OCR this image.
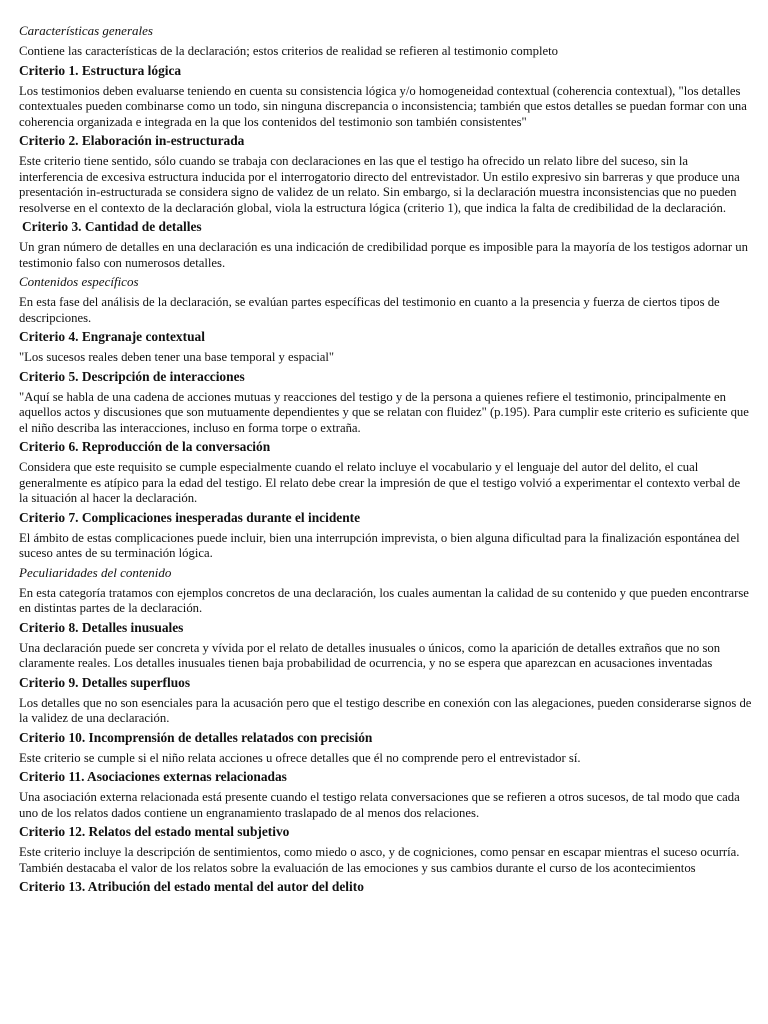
Características generales

Contiene las características de la declaración; estos criterios de realidad se refieren al testimonio completo

Criterio 1. Estructura lógica

Los testimonios deben evaluarse teniendo en cuenta su consistencia lógica y/o homogeneidad contextual (coherencia contextual), "los detalles contextuales pueden combinarse como un todo, sin ninguna discrepancia o inconsistencia; también que estos detalles se puedan formar con una coherencia organizada e integrada en la que los contenidos del testimonio son también consistentes"

Criterio 2. Elaboración in-estructurada

Este criterio tiene sentido, sólo cuando se trabaja con declaraciones en las que el testigo ha ofrecido un relato libre del suceso, sin la interferencia de excesiva estructura inducida por el interrogatorio directo del entrevistador. Un estilo expresivo sin barreras y que produce una presentación in-estructurada se considera signo de validez de un relato. Sin embargo, si la declaración muestra inconsistencias que no pueden resolverse en el contexto de la declaración global, viola la estructura lógica (criterio 1), que indica la falta de credibilidad de la declaración.

Criterio 3. Cantidad de detalles

Un gran número de detalles en una declaración es una indicación de credibilidad porque es imposible para la mayoría de los testigos adornar un testimonio falso con numerosos detalles.

Contenidos específicos

En esta fase del análisis de la declaración, se evalúan partes específicas del testimonio en cuanto a la presencia y fuerza de ciertos tipos de descripciones.

Criterio 4. Engranaje contextual

"Los sucesos reales deben tener una base temporal y espacial"

Criterio 5. Descripción de interacciones

"Aquí se habla de una cadena de acciones mutuas y reacciones del testigo y de la persona a quienes refiere el testimonio, principalmente en aquellos actos y discusiones que son mutuamente dependientes y que se relatan con fluidez" (p.195). Para cumplir este criterio es suficiente que el niño describa las interacciones, incluso en forma torpe o extraña.

Criterio 6. Reproducción de la conversación

Considera que este requisito se cumple especialmente cuando el relato incluye el vocabulario y el lenguaje del autor del delito, el cual generalmente es atípico para la edad del testigo. El relato debe crear la impresión de que el testigo volvió a experimentar el contexto verbal de la situación al hacer la declaración.

Criterio 7. Complicaciones inesperadas durante el incidente

El ámbito de estas complicaciones puede incluir, bien una interrupción imprevista, o bien alguna dificultad para la finalización espontánea del suceso antes de su terminación lógica.

Peculiaridades del contenido

En esta categoría tratamos con ejemplos concretos de una declaración, los cuales aumentan la calidad de su contenido y que pueden encontrarse en distintas partes de la declaración.

Criterio 8. Detalles inusuales

Una declaración puede ser concreta y vívida por el relato de detalles inusuales o únicos, como la aparición de detalles extraños que no son claramente reales. Los detalles inusuales tienen baja probabilidad de ocurrencia, y no se espera que aparezcan en acusaciones inventadas

Criterio 9. Detalles superfluos

Los detalles que no son esenciales para la acusación pero que el testigo describe en conexión con las alegaciones, pueden considerarse signos de la validez de una declaración.

Criterio 10. Incomprensión de detalles relatados con precisión

Este criterio se cumple si el niño relata acciones u ofrece detalles que él no comprende pero el entrevistador sí.

Criterio 11. Asociaciones externas relacionadas

Una asociación externa relacionada está presente cuando el testigo relata conversaciones que se refieren a otros sucesos, de tal modo que cada uno de los relatos dados contiene un engranamiento traslapado de al menos dos relaciones.

Criterio 12. Relatos del estado mental subjetivo

Este criterio incluye la descripción de sentimientos, como miedo o asco, y de cogniciones, como pensar en escapar mientras el suceso ocurría. También destacaba el valor de los relatos sobre la evaluación de las emociones y sus cambios durante el curso de los acontecimientos

Criterio 13. Atribución del estado mental del autor del delito
